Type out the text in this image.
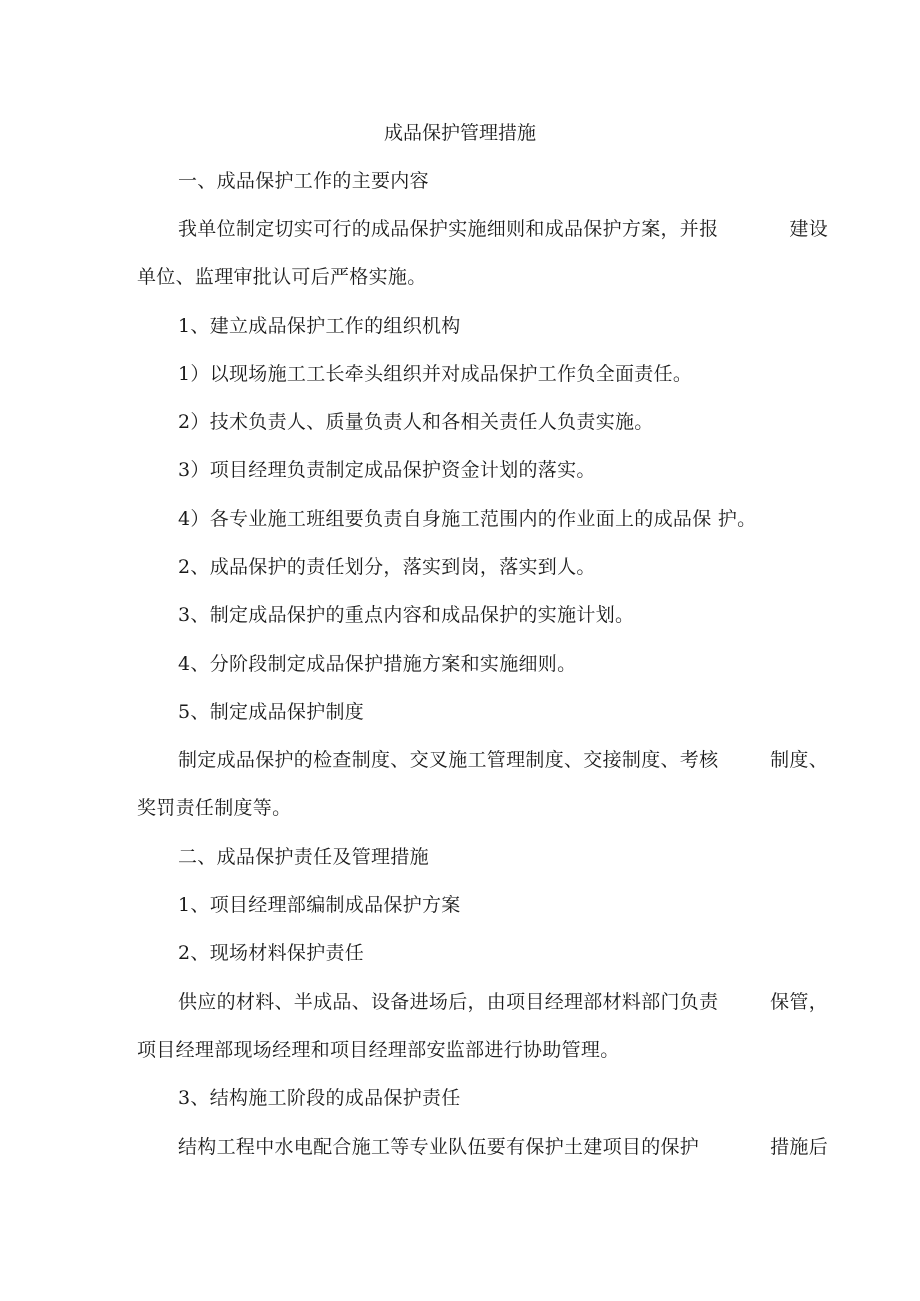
成品保护管理措施
一、成品保护工作的主要内容
我单位制定切实可行的成品保护实施细则和成品保护方案，并报	建设
单位、监理审批认可后严格实施。
1、建立成品保护工作的组织机构
1）以现场施工工长牵头组织并对成品保护工作负全面责任。
2）技术负责人、质量负责人和各相关责任人负责实施。
3）项目经理负责制定成品保护资金计划的落实。
4）各专业施工班组要负责自身施工范围内的作业面上的成品保 护。
2、成品保护的责任划分，落实到岗，落实到人。
3、制定成品保护的重点内容和成品保护的实施计划。
4、分阶段制定成品保护措施方案和实施细则。
5、制定成品保护制度
制定成品保护的检查制度、交叉施工管理制度、交接制度、考核	制度、
奖罚责任制度等。
二、成品保护责任及管理措施
1、项目经理部编制成品保护方案
2、现场材料保护责任
供应的材料、半成品、设备进场后，由项目经理部材料部门负责	保管，
项目经理部现场经理和项目经理部安监部进行协助管理。
3、结构施工阶段的成品保护责任
结构工程中水电配合施工等专业队伍要有保护土建项目的保护	措施后
